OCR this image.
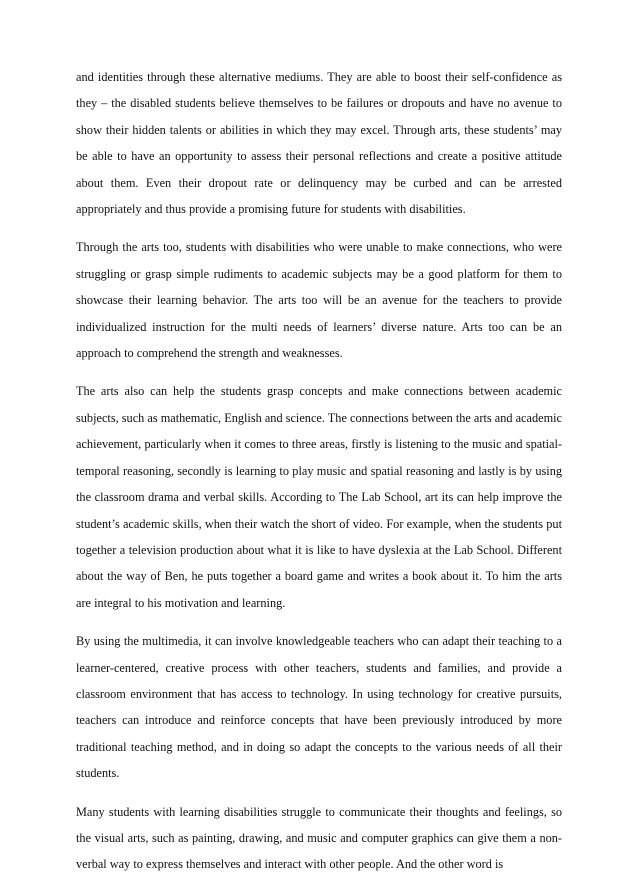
and identities through these alternative mediums. They are able to boost their self-confidence as they – the disabled students believe themselves to be failures or dropouts and have no avenue to show their hidden talents or abilities in which they may excel. Through arts, these students’ may be able to have an opportunity to assess their personal reflections and create a positive attitude about them. Even their dropout rate or delinquency may be curbed and can be arrested appropriately and thus provide a promising future for students with disabilities.

Through the arts too, students with disabilities who were unable to make connections, who were struggling or grasp simple rudiments to academic subjects may be a good platform for them to showcase their learning behavior. The arts too will be an avenue for the teachers to provide individualized instruction for the multi needs of learners’ diverse nature. Arts too can be an approach to comprehend the strength and weaknesses.

The arts also can help the students grasp concepts and make connections between academic subjects, such as mathematic, English and science. The connections between the arts and academic achievement, particularly when it comes to three areas, firstly is listening to the music and spatial-temporal reasoning, secondly is learning to play music and spatial reasoning and lastly is by using the classroom drama and verbal skills. According to The Lab School, art its can help improve the student’s academic skills, when their watch the short of video. For example, when the students put together a television production about what it is like to have dyslexia at the Lab School. Different about the way of Ben, he puts together a board game and writes a book about it. To him the arts are integral to his motivation and learning.

By using the multimedia, it can involve knowledgeable teachers who can adapt their teaching to a learner-centered, creative process with other teachers, students and families, and provide a classroom environment that has access to technology. In using technology for creative pursuits, teachers can introduce and reinforce concepts that have been previously introduced by more traditional teaching method, and in doing so adapt the concepts to the various needs of all their students.

Many students with learning disabilities struggle to communicate their thoughts and feelings, so the visual arts, such as painting, drawing, and music and computer graphics can give them a non-verbal way to express themselves and interact with other people. And the other word is
